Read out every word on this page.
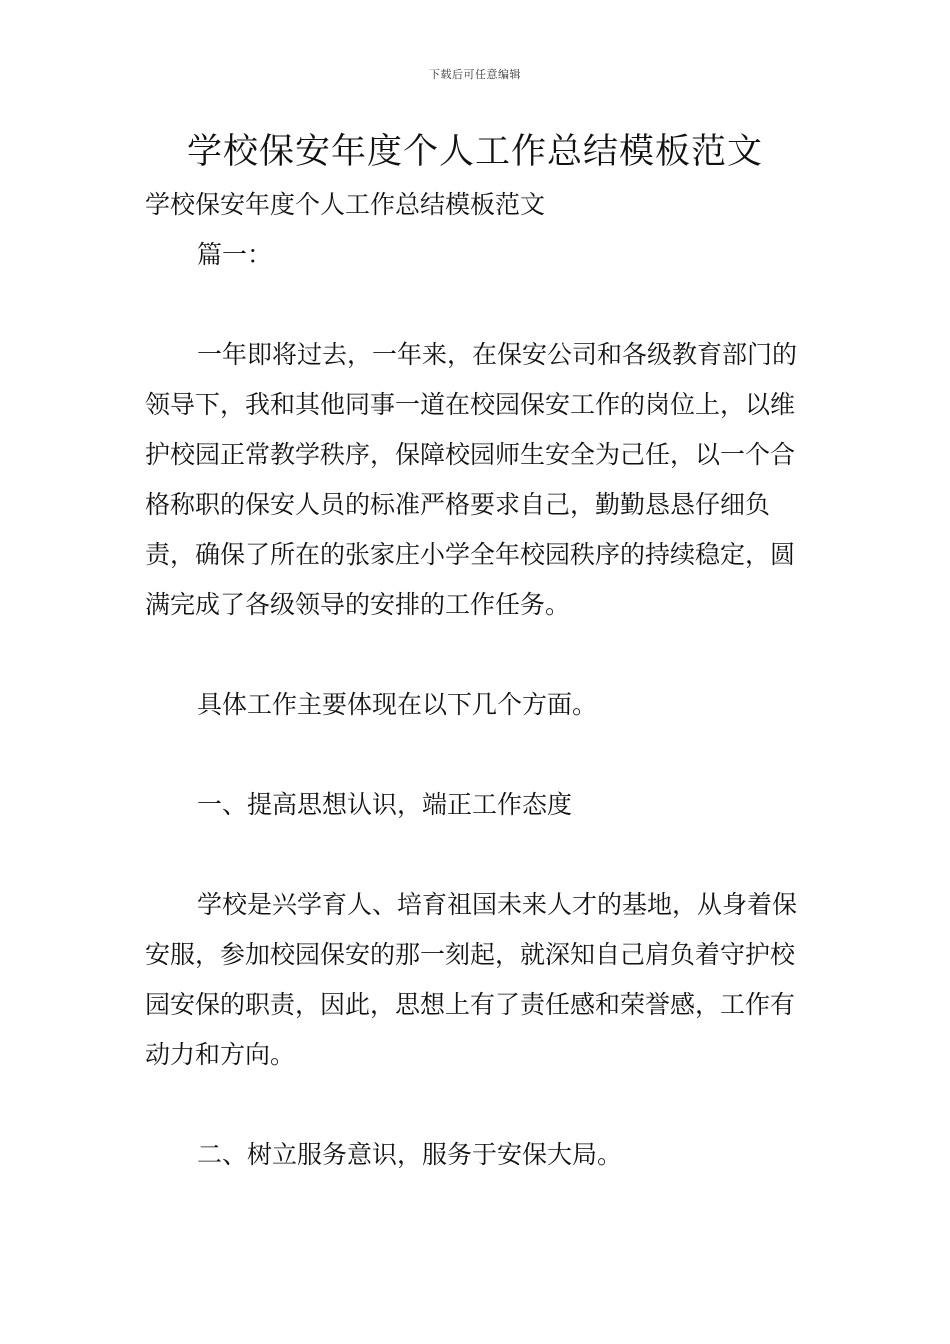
下载后可任意编辑
学校保安年度个人工作总结模板范文

学校保安年度个人工作总结模板范文

篇一：

一年即将过去，一年来，在保安公司和各级教育部门的领导下，我和其他同事一道在校园保安工作的岗位上，以维护校园正常教学秩序，保障校园师生安全为己任，以一个合格称职的保安人员的标准严格要求自己，勤勤恳恳仔细负责，确保了所在的张家庄小学全年校园秩序的持续稳定，圆满完成了各级领导的安排的工作任务。

具体工作主要体现在以下几个方面。

一、提高思想认识，端正工作态度

学校是兴学育人、培育祖国未来人才的基地，从身着保安服，参加校园保安的那一刻起，就深知自己肩负着守护校园安保的职责，因此，思想上有了责任感和荣誉感，工作有动力和方向。

二、树立服务意识，服务于安保大局。
